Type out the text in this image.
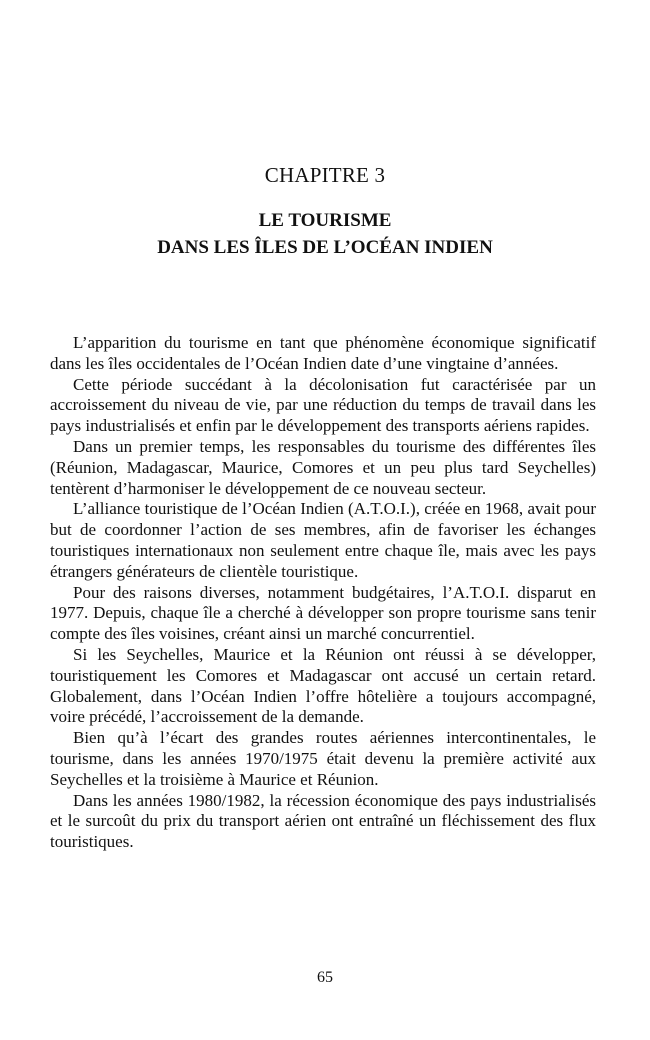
CHAPITRE 3
LE TOURISME
DANS LES ÎLES DE L’OCÉAN INDIEN

L’apparition du tourisme en tant que phénomène économique significatif dans les îles occidentales de l’Océan Indien date d’une vingtaine d’années.

Cette période succédant à la décolonisation fut caractérisée par un accroissement du niveau de vie, par une réduction du temps de travail dans les pays industrialisés et enfin par le développement des transports aériens rapides.

Dans un premier temps, les responsables du tourisme des différentes îles (Réunion, Madagascar, Maurice, Comores et un peu plus tard Seychelles) tentèrent d’harmoniser le développement de ce nouveau secteur.

L’alliance touristique de l’Océan Indien (A.T.O.I.), créée en 1968, avait pour but de coordonner l’action de ses membres, afin de favoriser les échanges touristiques internationaux non seulement entre chaque île, mais avec les pays étrangers générateurs de clientèle touristique.

Pour des raisons diverses, notamment budgétaires, l’A.T.O.I. disparut en 1977. Depuis, chaque île a cherché à développer son propre tourisme sans tenir compte des îles voisines, créant ainsi un marché concurrentiel.

Si les Seychelles, Maurice et la Réunion ont réussi à se développer, touristiquement les Comores et Madagascar ont accusé un certain retard. Globalement, dans l’Océan Indien l’offre hôtelière a toujours accompagné, voire précédé, l’accroissement de la demande.

Bien qu’à l’écart des grandes routes aériennes intercontinentales, le tourisme, dans les années 1970/1975 était devenu la première activité aux Seychelles et la troisième à Maurice et Réunion.

Dans les années 1980/1982, la récession économique des pays industrialisés et le surcoût du prix du transport aérien ont entraîné un fléchissement des flux touristiques.

65
